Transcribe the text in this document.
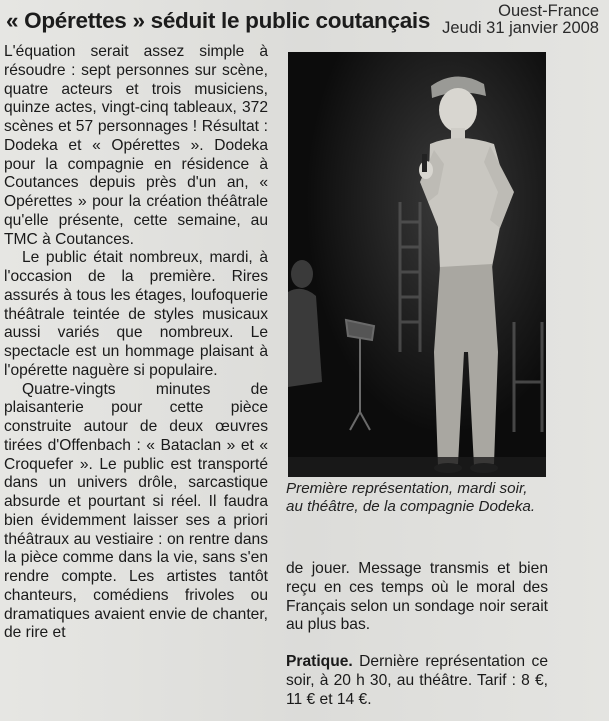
« Opérettes » séduit le public coutançais	Ouest-France
Jeudi 31 janvier 2008

L'équation serait assez simple à résoudre : sept personnes sur scène, quatre acteurs et trois musiciens, quinze actes, vingt-cinq tableaux, 372 scènes et 57 personnages ! Résultat : Dodeka et « Opérettes ». Dodeka pour la compagnie en résidence à Coutances depuis près d'un an, « Opérettes » pour la création théâtrale qu'elle présente, cette semaine, au TMC à Coutances.

Le public était nombreux, mardi, à l'occasion de la première. Rires assurés à tous les étages, loufoquerie théâtrale teintée de styles musicaux aussi variés que nombreux. Le spectacle est un hommage plaisant à l'opérette naguère si populaire.

Quatre-vingts minutes de plaisanterie pour cette pièce construite autour de deux œuvres tirées d'Offenbach : « Bataclan » et « Croquefer ». Le public est transporté dans un univers drôle, sarcastique absurde et pourtant si réel. Il faudra bien évidemment laisser ses a priori théâtraux au vestiaire : on rentre dans la pièce comme dans la vie, sans s'en rendre compte. Les artistes tantôt chanteurs, comédiens frivoles ou dramatiques avaient envie de chanter, de rire et

Première représentation, mardi soir, au théâtre, de la compagnie Dodeka.

de jouer. Message transmis et bien reçu en ces temps où le moral des Français selon un sondage noir serait au plus bas.

Pratique. Dernière représentation ce soir, à 20 h 30, au théâtre. Tarif : 8 €, 11 € et 14 €.
